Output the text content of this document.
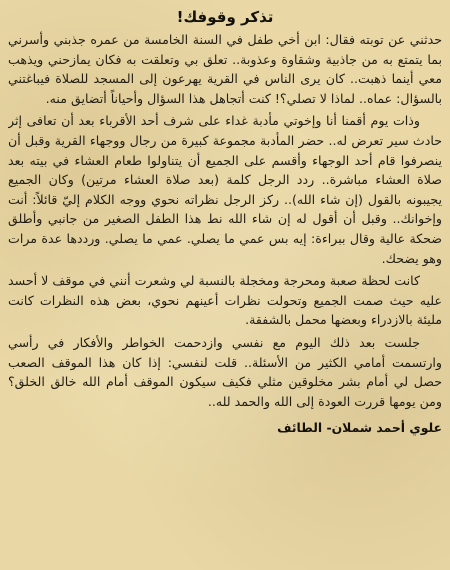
تذكر وقوفك!

حدثني عن توبته فقال: ابن أخي طفل في السنة الخامسة من عمره جذبني وأسرني بما يتمتع به من جاذبية وشقاوة وعذوبة.. تعلق بي وتعلقت به فكان يمازحني ويذهب معي أينما ذهبت.. كان يرى الناس في القرية يهرعون إلى المسجد للصلاة فيباغتني بالسؤال: عماه.. لماذا لا تصلي؟! كنت أتجاهل هذا السؤال وأحياناً أتضايق منه.

وذات يوم أقمنا أنا وإخوتي مأدبة غداء على شرف أحد الأقرباء بعد أن تعافى إثر حادث سير تعرض له.. حضر المأدبة مجموعة كبيرة من رجال ووجهاء القرية وقبل أن ينصرفوا قام أحد الوجهاء وأقسم على الجميع أن يتناولوا طعام العشاء في بيته بعد صلاة العشاء مباشرة.. ردد الرجل كلمة (بعد صلاة العشاء مرتين) وكان الجميع يجيبونه بالقول (إن شاء الله).. ركز الرجل نظراته نحوي ووجه الكلام إليّ قائلاً: أنت وإخوانك.. وقبل أن أقول له إن شاء الله نط هذا الطفل الصغير من جانبي وأطلق ضحكة عالية وقال ببراءة: إيه بس عمي ما يصلي. عمي ما يصلي. ورددها عدة مرات وهو يضحك.

كانت لحظة صعبة ومحرجة ومخجلة بالنسبة لي وشعرت أنني في موقف لا أحسد عليه حيث صمت الجميع وتحولت نظرات أعينهم نحوي، بعض هذه النظرات كانت مليئة بالازدراء وبعضها محمل بالشفقة.

جلست بعد ذلك اليوم مع نفسي وازدحمت الخواطر والأفكار في رأسي وارتسمت أمامي الكثير من الأسئلة.. قلت لنفسي: إذا كان هذا الموقف الصعب حصل لي أمام بشر مخلوقين مثلي فكيف سيكون الموقف أمام الله خالق الخلق؟ ومن يومها قررت العودة إلى الله والحمد لله..

علوي أحمد شملان- الطائف
